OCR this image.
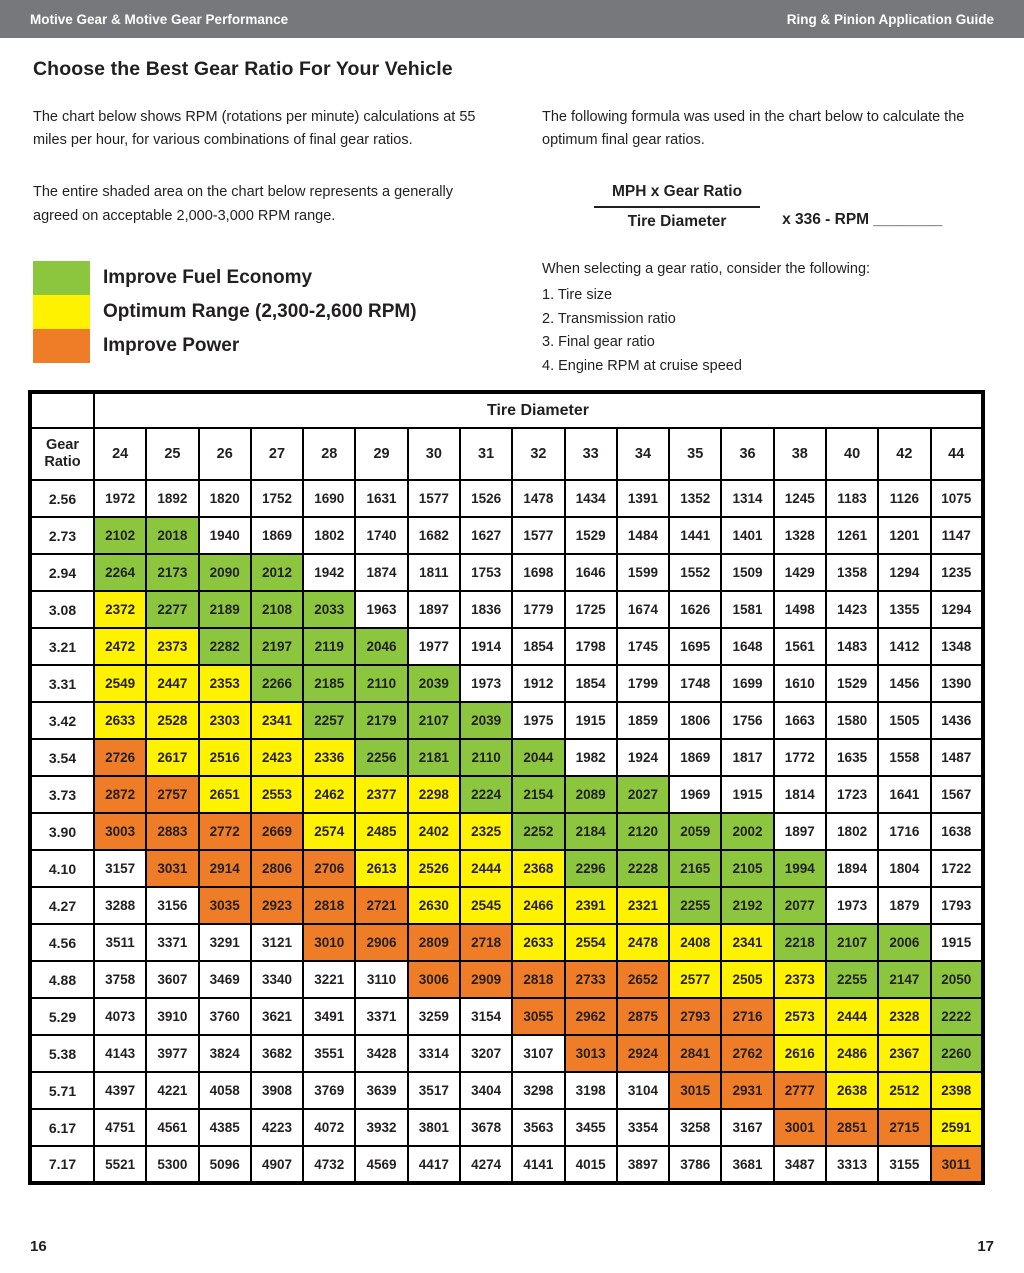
Motive Gear & Motive Gear Performance	Ring & Pinion Application Guide
Choose the Best Gear Ratio For Your Vehicle

The chart below shows RPM (rotations per minute) calculations at 55 miles per hour, for various combinations of final gear ratios.

The entire shaded area on the chart below represents a generally agreed on acceptable 2,000-3,000 RPM range.

Improve Fuel Economy
Optimum Range (2,300-2,600 RPM)
Improve Power

The following formula was used in the chart below to calculate the optimum final gear ratios.

$\frac{\text{MPH x Gear Ratio}}{\text{Tire Diameter}}$ x 336 - RPM ________
When selecting a gear ratio, consider the following:
1. Tire size
2. Transmission ratio
3. Final gear ratio
4. Engine RPM at cruise speed
	Tire Diameter																
Gear Ratio	24	25	26	27	28	29	30	31	32	33	34	35	36	38	40	42	44
2.56	1972	1892	1820	1752	1690	1631	1577	1526	1478	1434	1391	1352	1314	1245	1183	1126	1075
2.73	2102	2018	1940	1869	1802	1740	1682	1627	1577	1529	1484	1441	1401	1328	1261	1201	1147
2.94	2264	2173	2090	2012	1942	1874	1811	1753	1698	1646	1599	1552	1509	1429	1358	1294	1235
3.08	2372	2277	2189	2108	2033	1963	1897	1836	1779	1725	1674	1626	1581	1498	1423	1355	1294
3.21	2472	2373	2282	2197	2119	2046	1977	1914	1854	1798	1745	1695	1648	1561	1483	1412	1348
3.31	2549	2447	2353	2266	2185	2110	2039	1973	1912	1854	1799	1748	1699	1610	1529	1456	1390
3.42	2633	2528	2303	2341	2257	2179	2107	2039	1975	1915	1859	1806	1756	1663	1580	1505	1436
3.54	2726	2617	2516	2423	2336	2256	2181	2110	2044	1982	1924	1869	1817	1772	1635	1558	1487
3.73	2872	2757	2651	2553	2462	2377	2298	2224	2154	2089	2027	1969	1915	1814	1723	1641	1567
3.90	3003	2883	2772	2669	2574	2485	2402	2325	2252	2184	2120	2059	2002	1897	1802	1716	1638
4.10	3157	3031	2914	2806	2706	2613	2526	2444	2368	2296	2228	2165	2105	1994	1894	1804	1722
4.27	3288	3156	3035	2923	2818	2721	2630	2545	2466	2391	2321	2255	2192	2077	1973	1879	1793
4.56	3511	3371	3291	3121	3010	2906	2809	2718	2633	2554	2478	2408	2341	2218	2107	2006	1915
4.88	3758	3607	3469	3340	3221	3110	3006	2909	2818	2733	2652	2577	2505	2373	2255	2147	2050
5.29	4073	3910	3760	3621	3491	3371	3259	3154	3055	2962	2875	2793	2716	2573	2444	2328	2222
5.38	4143	3977	3824	3682	3551	3428	3314	3207	3107	3013	2924	2841	2762	2616	2486	2367	2260
5.71	4397	4221	4058	3908	3769	3639	3517	3404	3298	3198	3104	3015	2931	2777	2638	2512	2398
6.17	4751	4561	4385	4223	4072	3932	3801	3678	3563	3455	3354	3258	3167	3001	2851	2715	2591
7.17	5521	5300	5096	4907	4732	4569	4417	4274	4141	4015	3897	3786	3681	3487	3313	3155	3011
16	17
